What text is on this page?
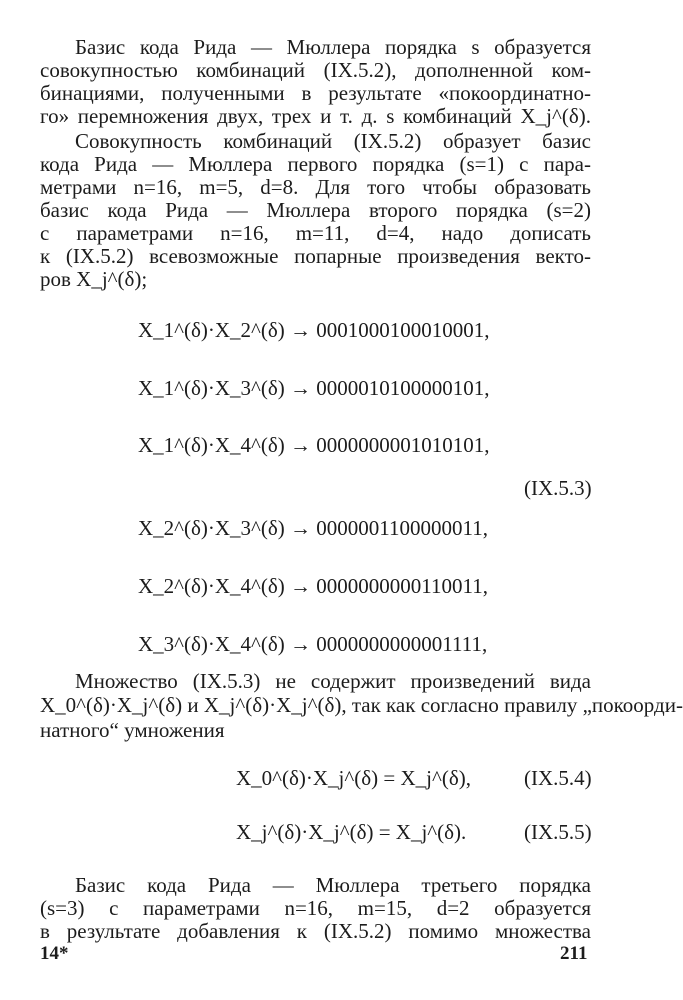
Базис кода Рида — Мюллера порядка s образуется
совокупностью комбинаций (IX.5.2), дополненной ком-
бинациями, полученными в результате «покоординатно-
го» перемножения двух, трех и т. д. s комбинаций X_j^(δ).
Совокупность комбинаций (IX.5.2) образует базис
кода Рида — Мюллера первого порядка (s=1) с пара-
метрами n=16, m=5, d=8. Для того чтобы образовать
базис кода Рида — Мюллера второго порядка (s=2)
с параметрами n=16, m=11, d=4, надо дописать
к (IX.5.2) всевозможные попарные произведения векто-
ров X_j^(δ);
X_1^(δ)·X_2^(δ) → 0001000100010001,
X_1^(δ)·X_3^(δ) → 0000010100000101,
X_1^(δ)·X_4^(δ) → 0000000001010101,
(IX.5.3)
X_2^(δ)·X_3^(δ) → 0000001100000011,
X_2^(δ)·X_4^(δ) → 0000000000110011,
X_3^(δ)·X_4^(δ) → 0000000000001111,
Множество (IX.5.3) не содержит произведений вида
X_0^(δ)·X_j^(δ) и X_j^(δ)·X_j^(δ), так как согласно правилу „покоорди-
натного“ умножения
X_0^(δ)·X_j^(δ) = X_j^(δ),	(IX.5.4)
X_j^(δ)·X_j^(δ) = X_j^(δ).	(IX.5.5)
Базис кода Рида — Мюллера третьего порядка
(s=3) с параметрами n=16, m=15, d=2 образуется
в результате добавления к (IX.5.2) помимо множества
14*	211
